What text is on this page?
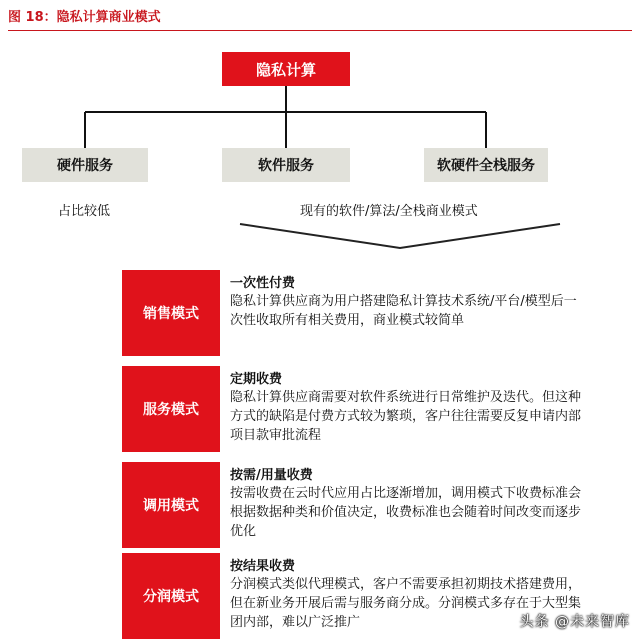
图 18：隐私计算商业模式
隐私计算
硬件服务	软件服务	软硬件全栈服务
占比较低	现有的软件/算法/全栈商业模式
销售模式
一次性付费
隐私计算供应商为用户搭建隐私计算技术系统/平台/模型后一次性收取所有相关费用，商业模式较简单
服务模式
定期收费
隐私计算供应商需要对软件系统进行日常维护及迭代。但这种方式的缺陷是付费方式较为繁琐，客户往往需要反复申请内部项目款审批流程
调用模式
按需/用量收费
按需收费在云时代应用占比逐渐增加，调用模式下收费标准会根据数据种类和价值决定，收费标准也会随着时间改变而逐步优化
分润模式
按结果收费
分润模式类似代理模式，客户不需要承担初期技术搭建费用，但在新业务开展后需与服务商分成。分润模式多存在于大型集团内部，难以广泛推广	头条 @未来智库
